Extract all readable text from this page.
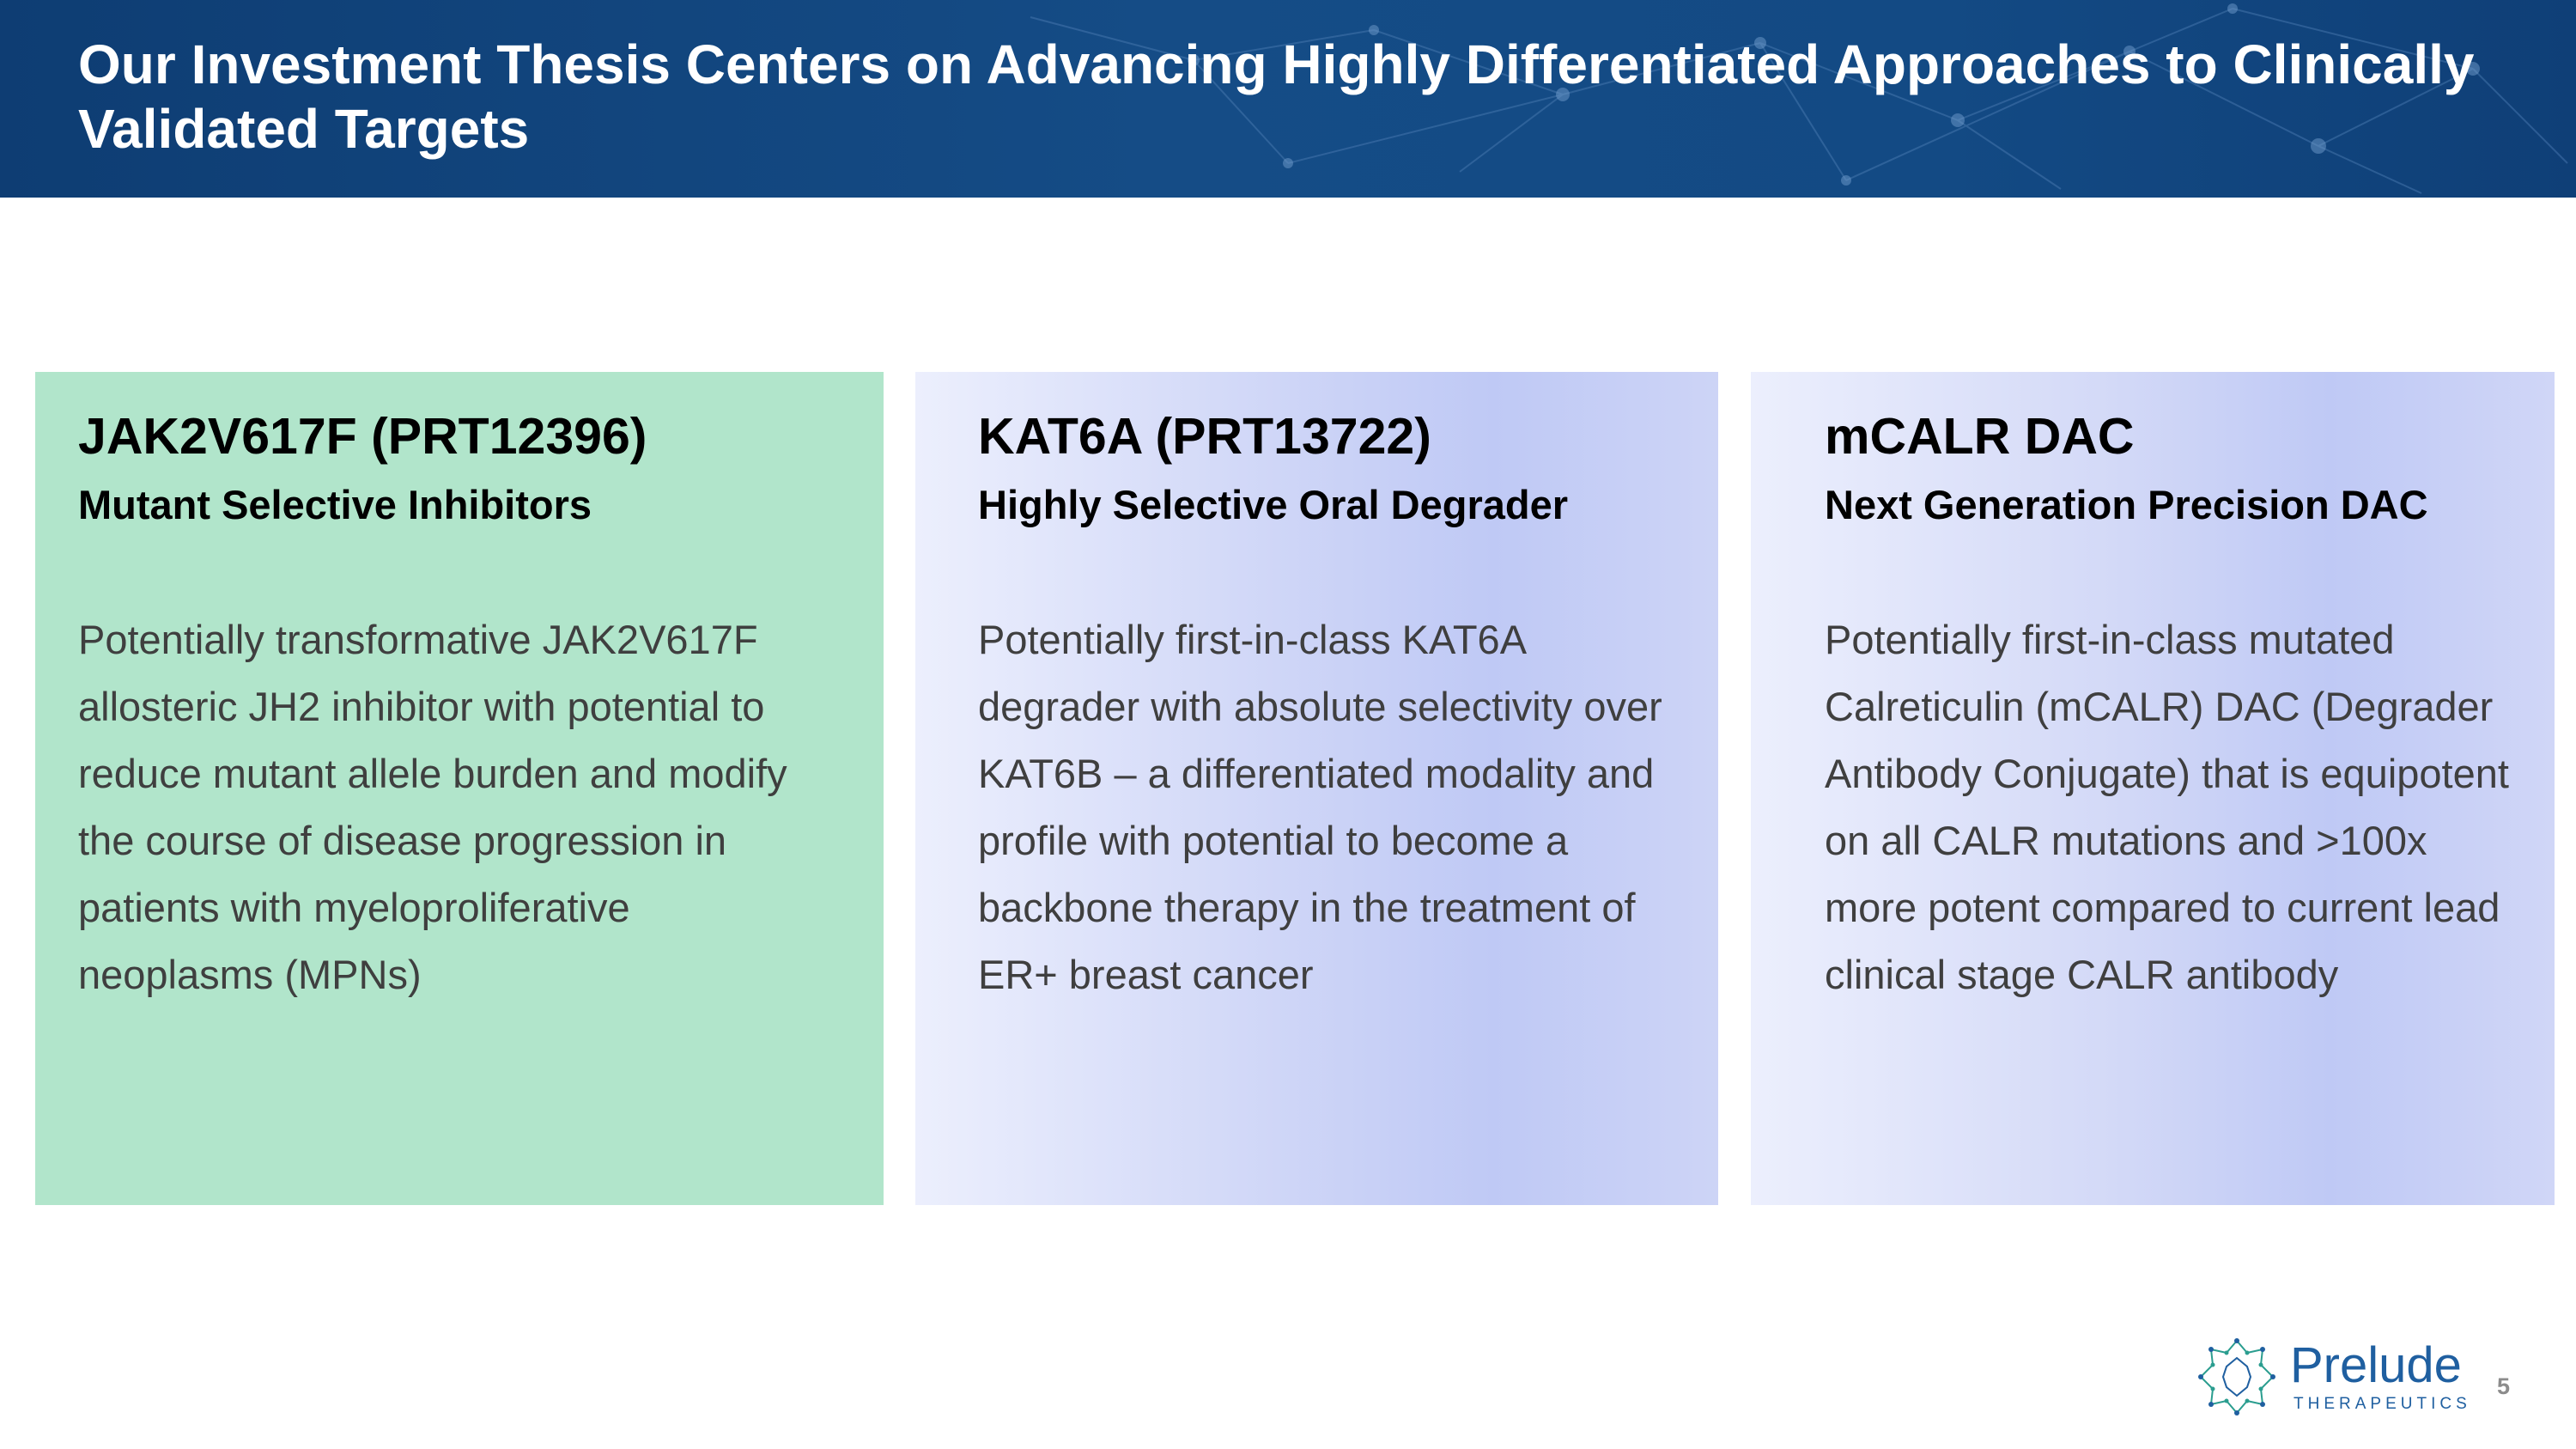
Our Investment Thesis Centers on Advancing Highly Differentiated Approaches to Clinically Validated Targets
JAK2V617F (PRT12396)
Mutant Selective Inhibitors

Potentially transformative JAK2V617F allosteric JH2 inhibitor with potential to reduce mutant allele burden and modify the course of disease progression in patients with myeloproliferative neoplasms (MPNs)

KAT6A (PRT13722)
Highly Selective Oral Degrader

Potentially first-in-class KAT6A degrader with absolute selectivity over KAT6B – a differentiated modality and profile with potential to become a backbone therapy in the treatment of ER+ breast cancer

mCALR DAC
Next Generation Precision DAC

Potentially first-in-class mutated Calreticulin (mCALR) DAC (Degrader Antibody Conjugate) that is equipotent on all CALR mutations and >100x more potent compared to current lead clinical stage CALR antibody

Prelude
THERAPEUTICS
5
